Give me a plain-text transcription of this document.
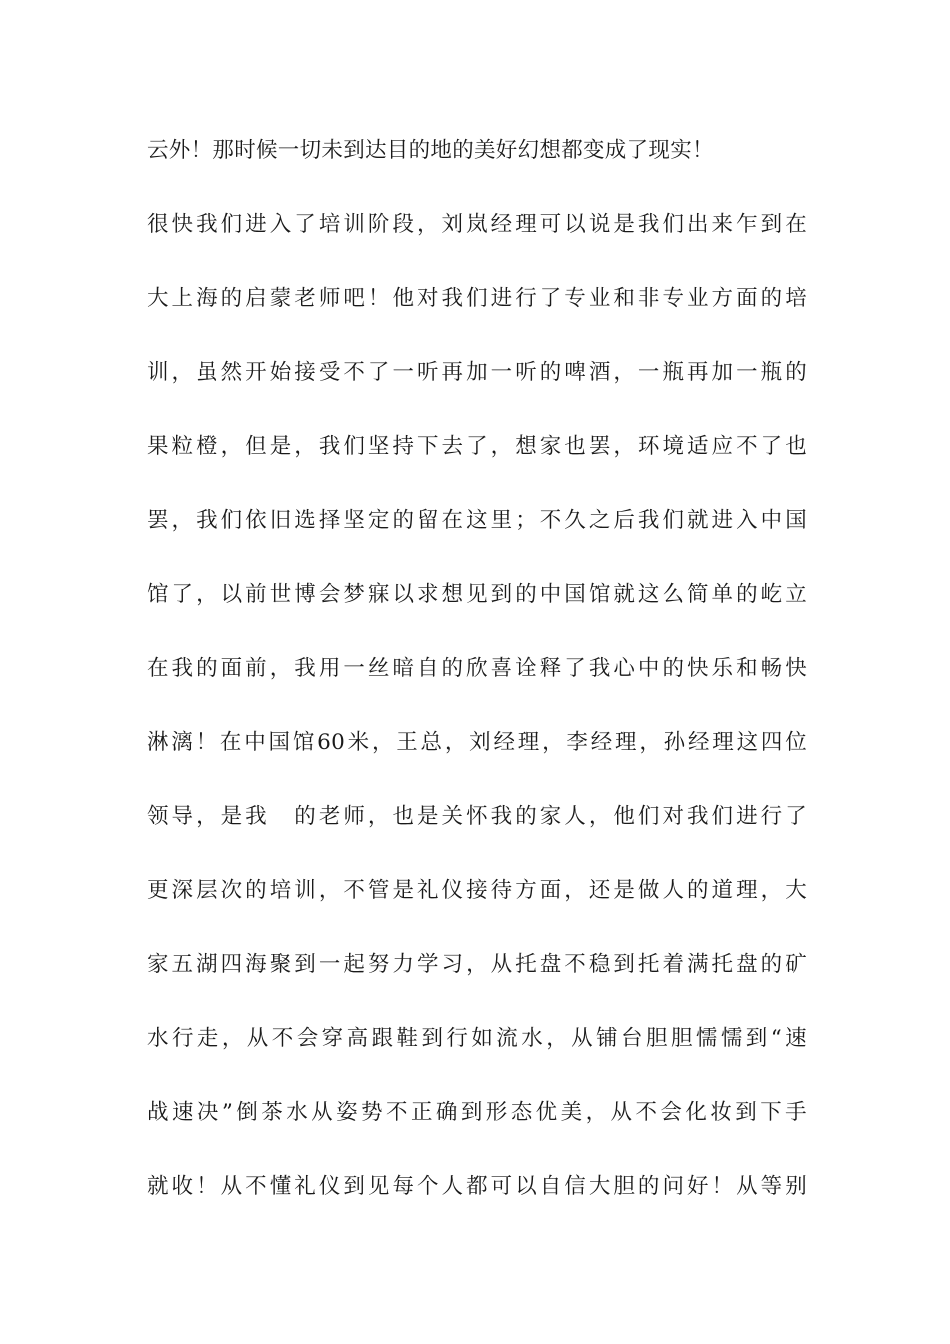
云外！那时候一切未到达目的地的美好幻想都变成了现实！
很快我们进入了培训阶段，刘岚经理可以说是我们出来乍到在
大上海的启蒙老师吧！他对我们进行了专业和非专业方面的培
训，虽然开始接受不了一听再加一听的啤酒，一瓶再加一瓶的
果粒橙，但是，我们坚持下去了，想家也罢，环境适应不了也
罢，我们依旧选择坚定的留在这里；不久之后我们就进入中国
馆了，以前世博会梦寐以求想见到的中国馆就这么简单的屹立
在我的面前，我用一丝暗自的欣喜诠释了我心中的快乐和畅快
淋漓！在中国馆60米，王总，刘经理，李经理，孙经理这四位
领导，是我　的老师，也是关怀我的家人，他们对我们进行了
更深层次的培训，不管是礼仪接待方面，还是做人的道理，大
家五湖四海聚到一起努力学习，从托盘不稳到托着满托盘的矿
水行走，从不会穿高跟鞋到行如流水，从铺台胆胆懦懦到“速
战速决”倒茶水从姿势不正确到形态优美，从不会化妆到下手
就收！从不懂礼仪到见每个人都可以自信大胆的问好！从等别
